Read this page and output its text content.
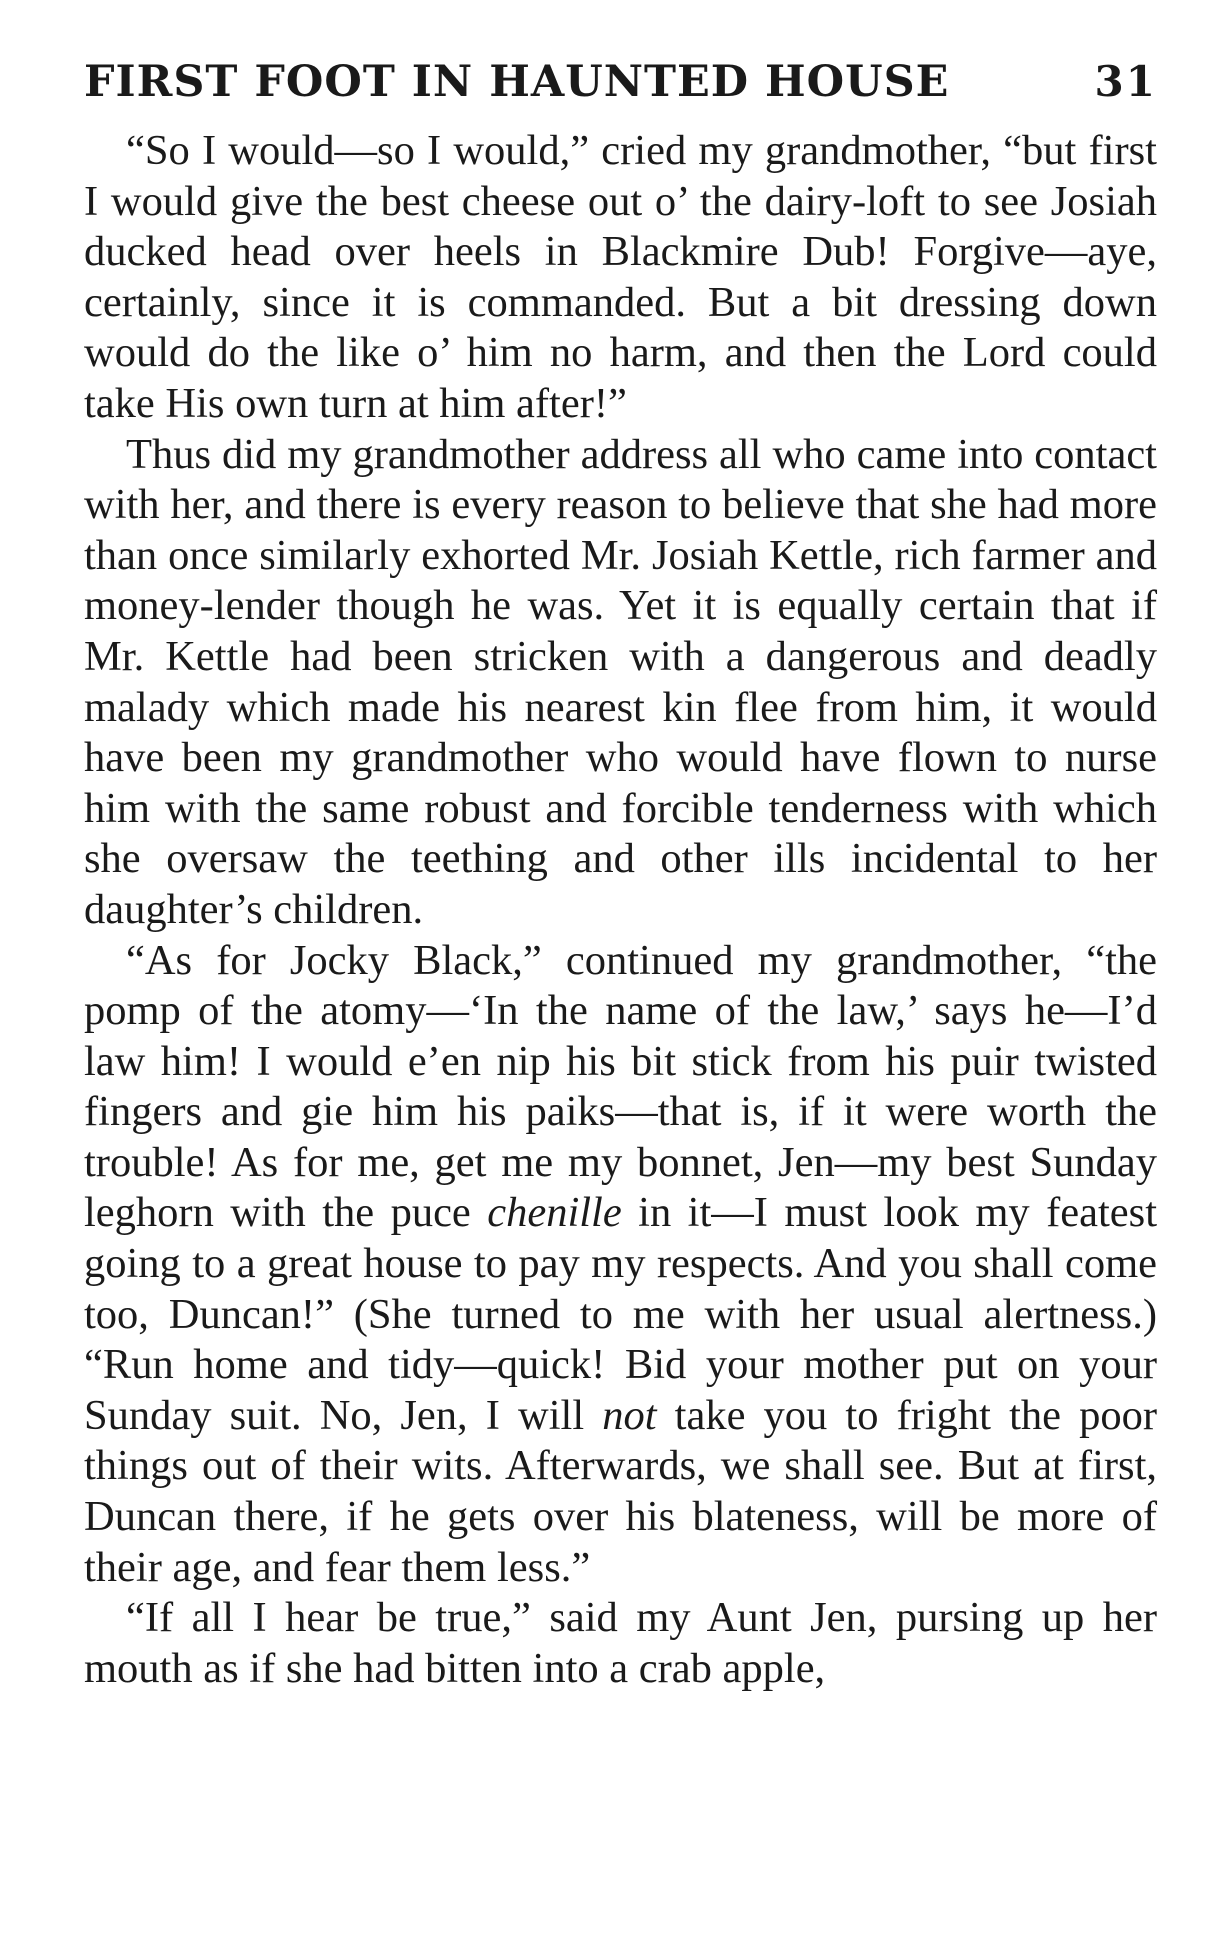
FIRST FOOT IN HAUNTED HOUSE	31

“So I would—so I would,” cried my grandmother, “but first I would give the best cheese out o’ the dairy-loft to see Josiah ducked head over heels in Blackmire Dub! Forgive—aye, certainly, since it is commanded. But a bit dressing down would do the like o’ him no harm, and then the Lord could take His own turn at him after!”

Thus did my grandmother address all who came into contact with her, and there is every reason to believe that she had more than once similarly exhorted Mr. Josiah Kettle, rich farmer and money-lender though he was. Yet it is equally certain that if Mr. Kettle had been stricken with a dangerous and deadly malady which made his nearest kin flee from him, it would have been my grandmother who would have flown to nurse him with the same robust and forcible tenderness with which she oversaw the teething and other ills incidental to her daughter’s children.

“As for Jocky Black,” continued my grandmother, “the pomp of the atomy—‘In the name of the law,’ says he—I’d law him! I would e’en nip his bit stick from his puir twisted fingers and gie him his paiks—that is, if it were worth the trouble! As for me, get me my bonnet, Jen—my best Sunday leghorn with the puce chenille in it—I must look my featest going to a great house to pay my respects. And you shall come too, Duncan!” (She turned to me with her usual alertness.) “Run home and tidy—quick! Bid your mother put on your Sunday suit. No, Jen, I will not take you to fright the poor things out of their wits. Afterwards, we shall see. But at first, Duncan there, if he gets over his blateness, will be more of their age, and fear them less.”

“If all I hear be true,” said my Aunt Jen, pursing up her mouth as if she had bitten into a crab apple,
